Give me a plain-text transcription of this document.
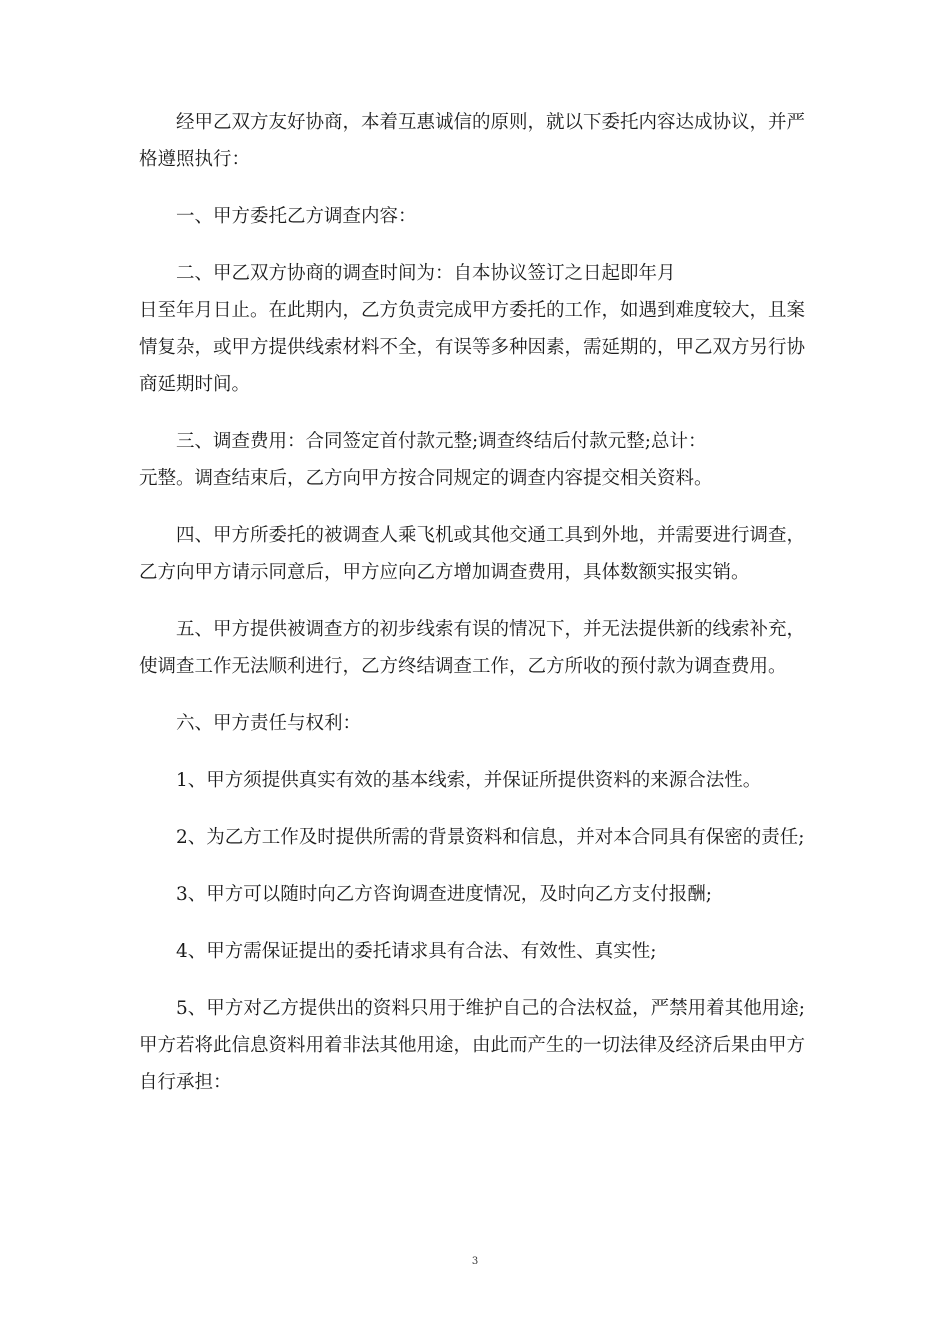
经甲乙双方友好协商，本着互惠诚信的原则，就以下委托内容达成协议，并严格遵照执行：

一、甲方委托乙方调查内容：

二、甲乙双方协商的调查时间为：自本协议签订之日起即年月
日至年月日止。在此期内，乙方负责完成甲方委托的工作，如遇到难度较大，且案情复杂，或甲方提供线索材料不全，有误等多种因素，需延期的，甲乙双方另行协商延期时间。

三、调查费用：合同签定首付款元整;调查终结后付款元整;总计：
元整。调查结束后，乙方向甲方按合同规定的调查内容提交相关资料。

四、甲方所委托的被调查人乘飞机或其他交通工具到外地，并需要进行调查，乙方向甲方请示同意后，甲方应向乙方增加调查费用，具体数额实报实销。

五、甲方提供被调查方的初步线索有误的情况下，并无法提供新的线索补充，使调查工作无法顺利进行，乙方终结调查工作，乙方所收的预付款为调查费用。

六、甲方责任与权利：

1、甲方须提供真实有效的基本线索，并保证所提供资料的来源合法性。

2、为乙方工作及时提供所需的背景资料和信息，并对本合同具有保密的责任;

3、甲方可以随时向乙方咨询调查进度情况，及时向乙方支付报酬;

4、甲方需保证提出的委托请求具有合法、有效性、真实性;

5、甲方对乙方提供出的资料只用于维护自己的合法权益，严禁用着其他用途;甲方若将此信息资料用着非法其他用途，由此而产生的一切法律及经济后果由甲方自行承担：

3
